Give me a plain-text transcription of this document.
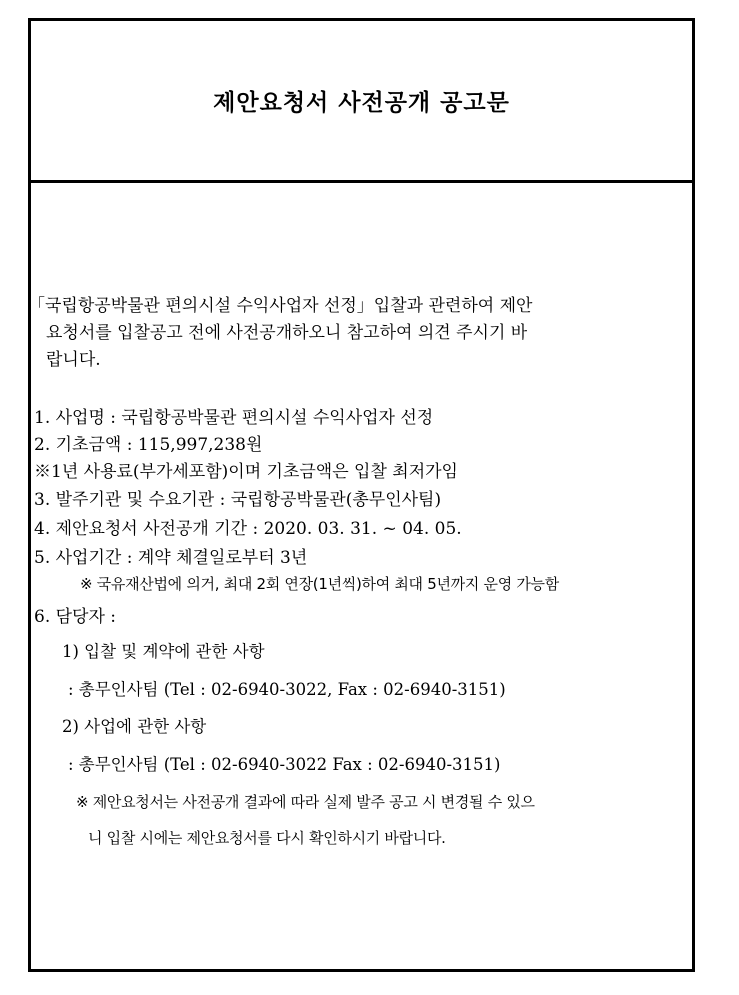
제안요청서 사전공개 공고문
「국립항공박물관 편의시설 수익사업자 선정」입찰과 관련하여 제안
요청서를 입찰공고 전에 사전공개하오니 참고하여 의견 주시기 바
랍니다.
1. 사업명 : 국립항공박물관 편의시설 수익사업자 선정
2. 기초금액 : 115,997,238원
※1년 사용료(부가세포함)이며 기초금액은 입찰 최저가임
3. 발주기관 및 수요기관 : 국립항공박물관(총무인사팀)
4. 제안요청서 사전공개 기간 : 2020. 03. 31. ~ 04. 05.
5. 사업기간 : 계약 체결일로부터 3년
※ 국유재산법에 의거, 최대 2회 연장(1년씩)하여 최대 5년까지 운영 가능함
6. 담당자 :
1) 입찰 및 계약에 관한 사항
: 총무인사팀 (Tel : 02-6940-3022, Fax : 02-6940-3151)
2) 사업에 관한 사항
: 총무인사팀 (Tel : 02-6940-3022 Fax : 02-6940-3151)
※ 제안요청서는 사전공개 결과에 따라 실제 발주 공고 시 변경될 수 있으
니 입찰 시에는 제안요청서를 다시 확인하시기 바랍니다.
